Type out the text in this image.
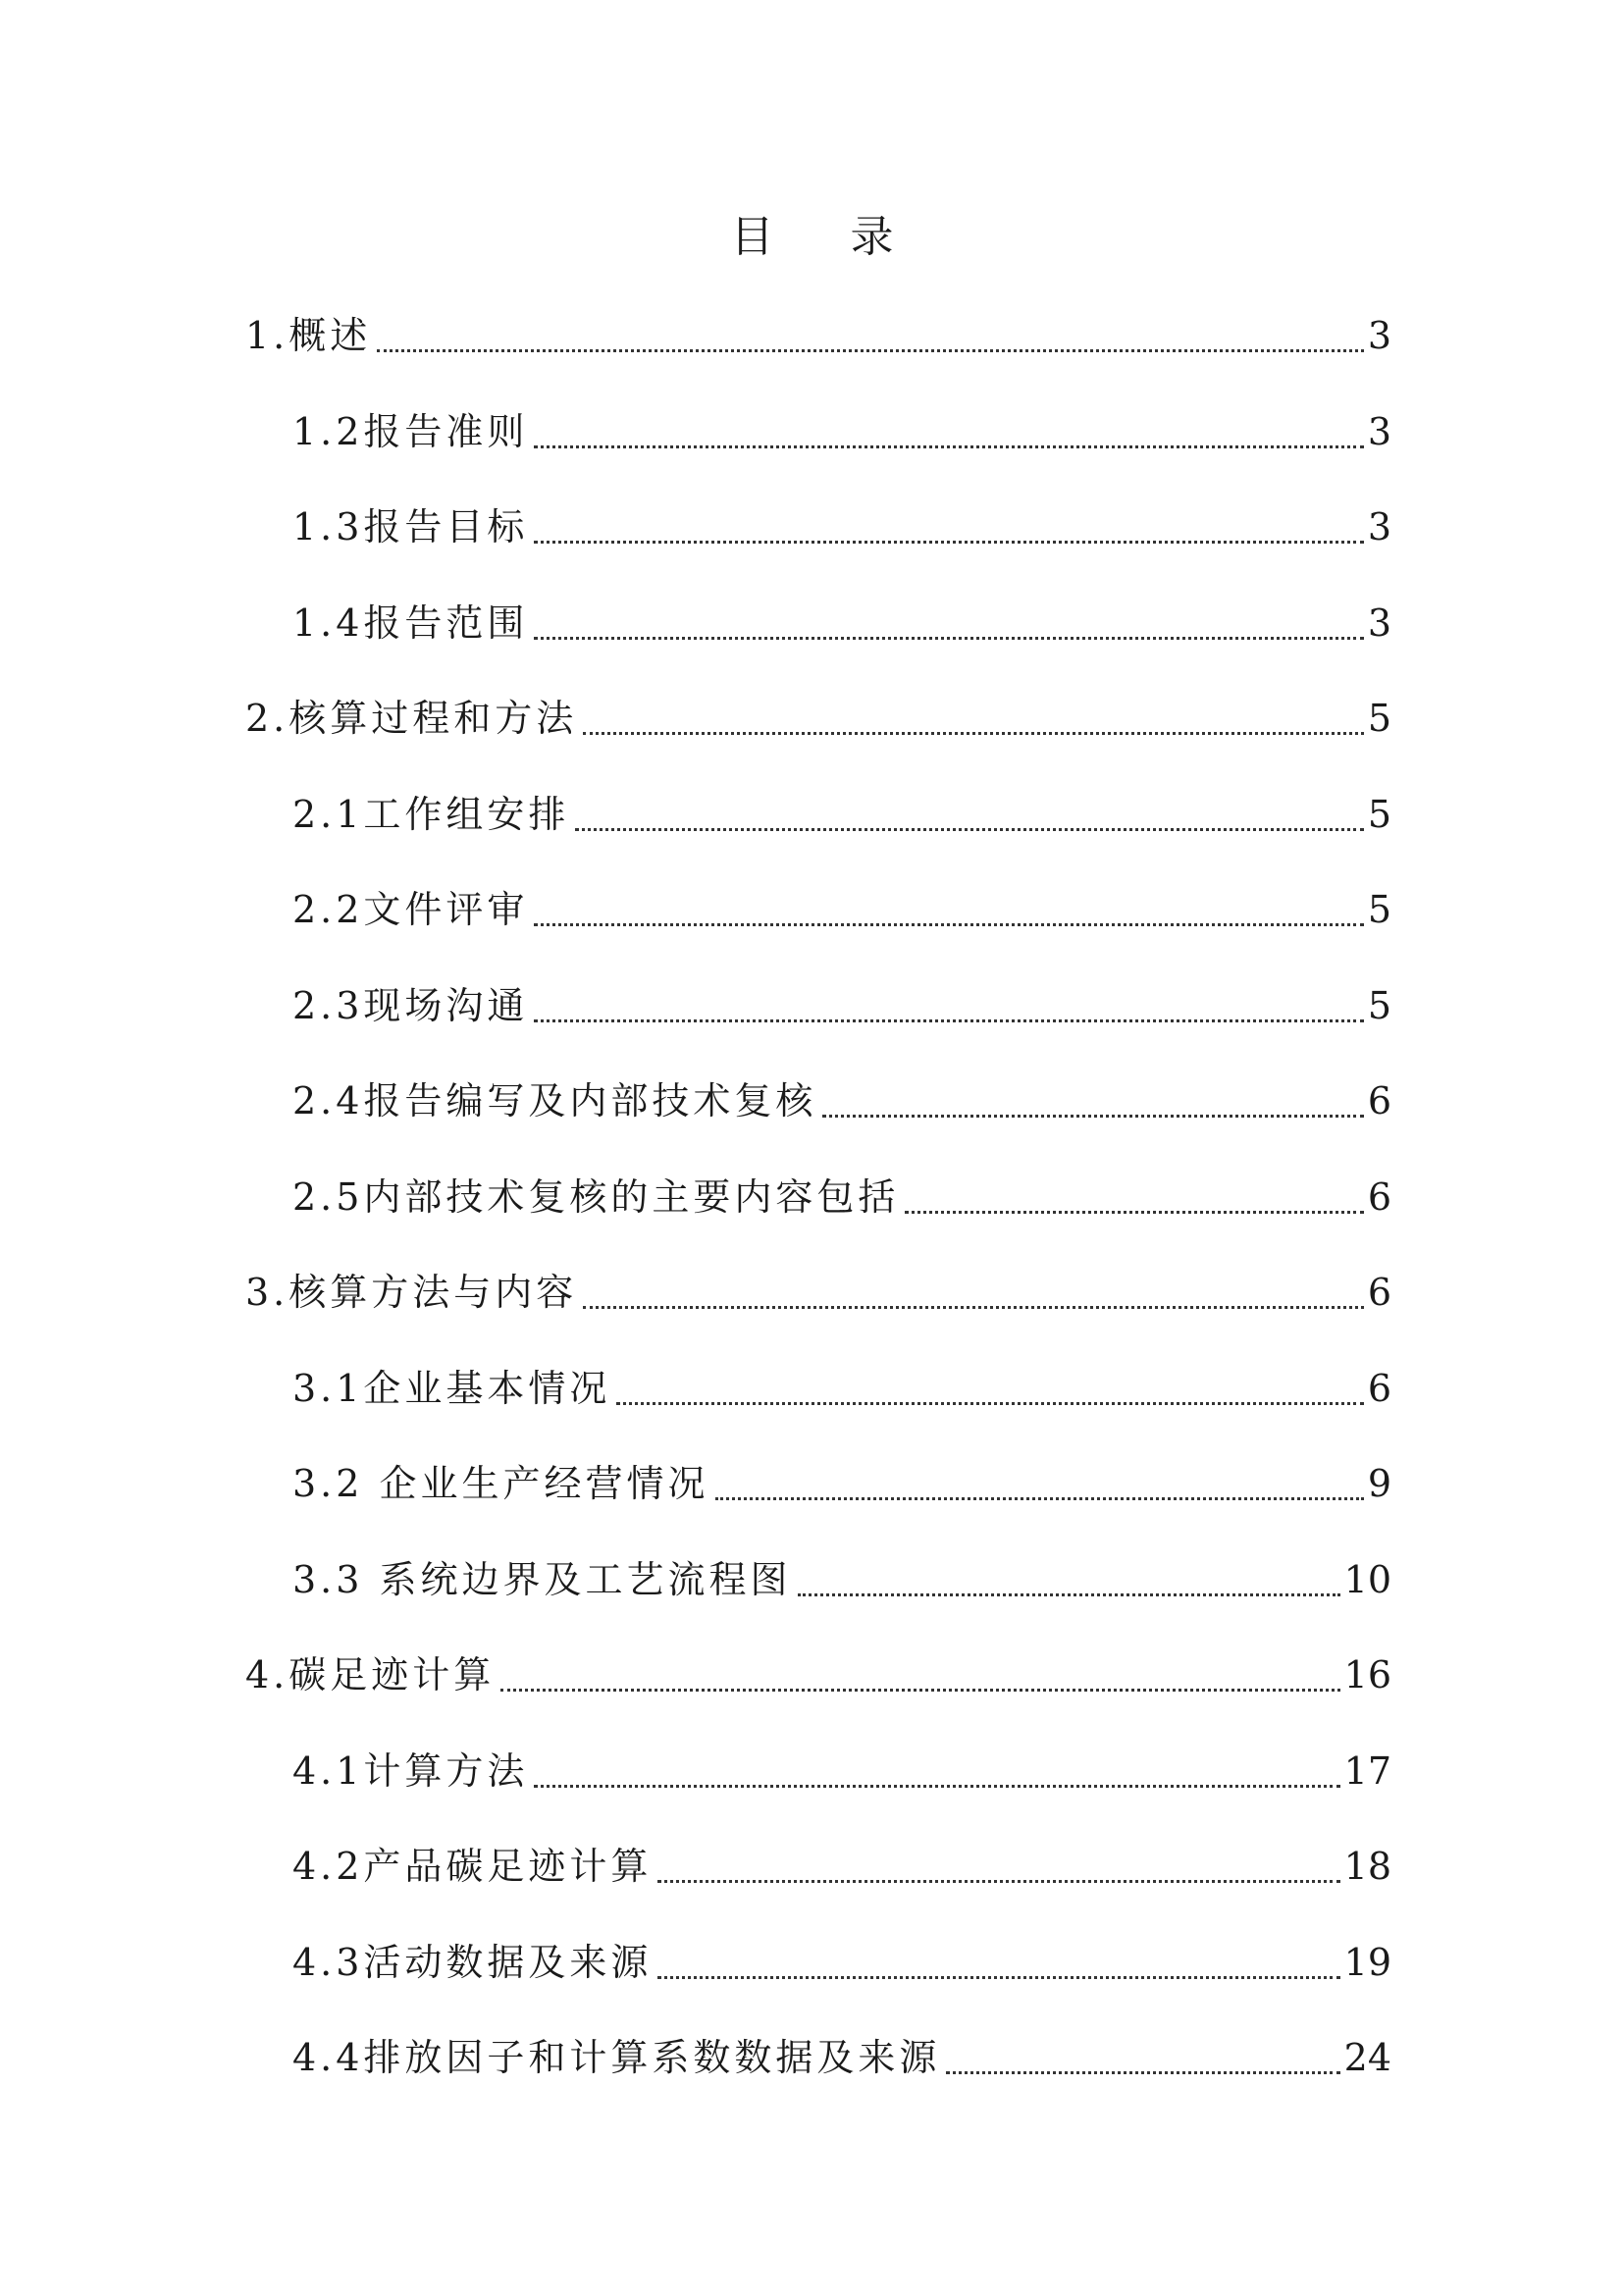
目 录
1.概述	3
1.2报告准则	3
1.3报告目标	3
1.4报告范围	3
2.核算过程和方法	5
2.1工作组安排	5
2.2文件评审	5
2.3现场沟通	5
2.4报告编写及内部技术复核	6
2.5内部技术复核的主要内容包括	6
3.核算方法与内容	6
3.1企业基本情况	6
3.2 企业生产经营情况	9
3.3 系统边界及工艺流程图	10
4.碳足迹计算	16
4.1计算方法	17
4.2产品碳足迹计算	18
4.3活动数据及来源	19
4.4排放因子和计算系数数据及来源	24
